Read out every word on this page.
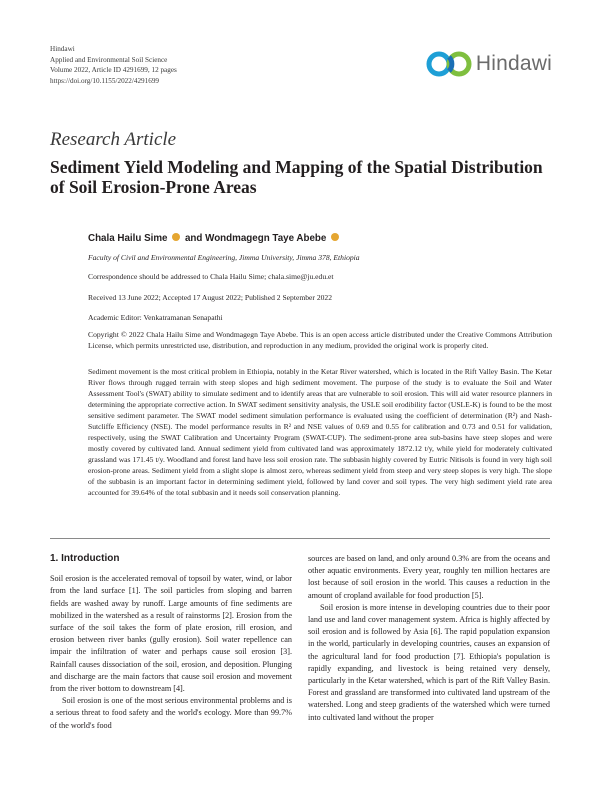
Hindawi
Applied and Environmental Soil Science
Volume 2022, Article ID 4291699, 12 pages
https://doi.org/10.1155/2022/4291699
Hindawi
Research Article
Sediment Yield Modeling and Mapping of the Spatial Distribution of Soil Erosion-Prone Areas
Chala Hailu Sime and Wondmagegn Taye Abebe
Faculty of Civil and Environmental Engineering, Jimma University, Jimma 378, Ethiopia
Correspondence should be addressed to Chala Hailu Sime; chala.sime@ju.edu.et
Received 13 June 2022; Accepted 17 August 2022; Published 2 September 2022
Academic Editor: Venkatramanan Senapathi
Copyright © 2022 Chala Hailu Sime and Wondmagegn Taye Abebe. This is an open access article distributed under the Creative Commons Attribution License, which permits unrestricted use, distribution, and reproduction in any medium, provided the original work is properly cited.
Sediment movement is the most critical problem in Ethiopia, notably in the Ketar River watershed, which is located in the Rift Valley Basin. The Ketar River flows through rugged terrain with steep slopes and high sediment movement. The purpose of the study is to evaluate the Soil and Water Assessment Tool's (SWAT) ability to simulate sediment and to identify areas that are vulnerable to soil erosion. This will aid water resource planners in determining the appropriate corrective action. In SWAT sediment sensitivity analysis, the USLE soil erodibility factor (USLE-K) is found to be the most sensitive sediment parameter. The SWAT model sediment simulation performance is evaluated using the coefficient of determination (R²) and Nash-Sutcliffe Efficiency (NSE). The model performance results in R² and NSE values of 0.69 and 0.55 for calibration and 0.73 and 0.51 for validation, respectively, using the SWAT Calibration and Uncertainty Program (SWAT-CUP). The sediment-prone area sub-basins have steep slopes and were mostly covered by cultivated land. Annual sediment yield from cultivated land was approximately 1872.12 t/y, while yield for moderately cultivated grassland was 171.45 t/y. Woodland and forest land have less soil erosion rate. The subbasin highly covered by Eutric Nitisols is found in very high soil erosion-prone areas. Sediment yield from a slight slope is almost zero, whereas sediment yield from steep and very steep slopes is very high. The slope of the subbasin is an important factor in determining sediment yield, followed by land cover and soil types. The very high sediment yield rate area accounted for 39.64% of the total subbasin and it needs soil conservation planning.
1. Introduction

Soil erosion is the accelerated removal of topsoil by water, wind, or labor from the land surface [1]. The soil particles from sloping and barren fields are washed away by runoff. Large amounts of fine sediments are mobilized in the watershed as a result of rainstorms [2]. Erosion from the surface of the soil takes the form of plate erosion, rill erosion, and erosion between river banks (gully erosion). Soil water repellence can impair the infiltration of water and perhaps cause soil erosion [3]. Rainfall causes dissociation of the soil, erosion, and deposition. Plunging and discharge are the main factors that cause soil erosion and movement from the river bottom to downstream [4].

Soil erosion is one of the most serious environmental problems and is a serious threat to food safety and the world's ecology. More than 99.7% of the world's food

sources are based on land, and only around 0.3% are from the oceans and other aquatic environments. Every year, roughly ten million hectares are lost because of soil erosion in the world. This causes a reduction in the amount of cropland available for food production [5].

Soil erosion is more intense in developing countries due to their poor land use and land cover management system. Africa is highly affected by soil erosion and is followed by Asia [6]. The rapid population expansion in the world, particularly in developing countries, causes an expansion of the agricultural land for food production [7]. Ethiopia's population is rapidly expanding, and livestock is being retained very densely, particularly in the Ketar watershed, which is part of the Rift Valley Basin. Forest and grassland are transformed into cultivated land upstream of the watershed. Long and steep gradients of the watershed which were turned into cultivated land without the proper
